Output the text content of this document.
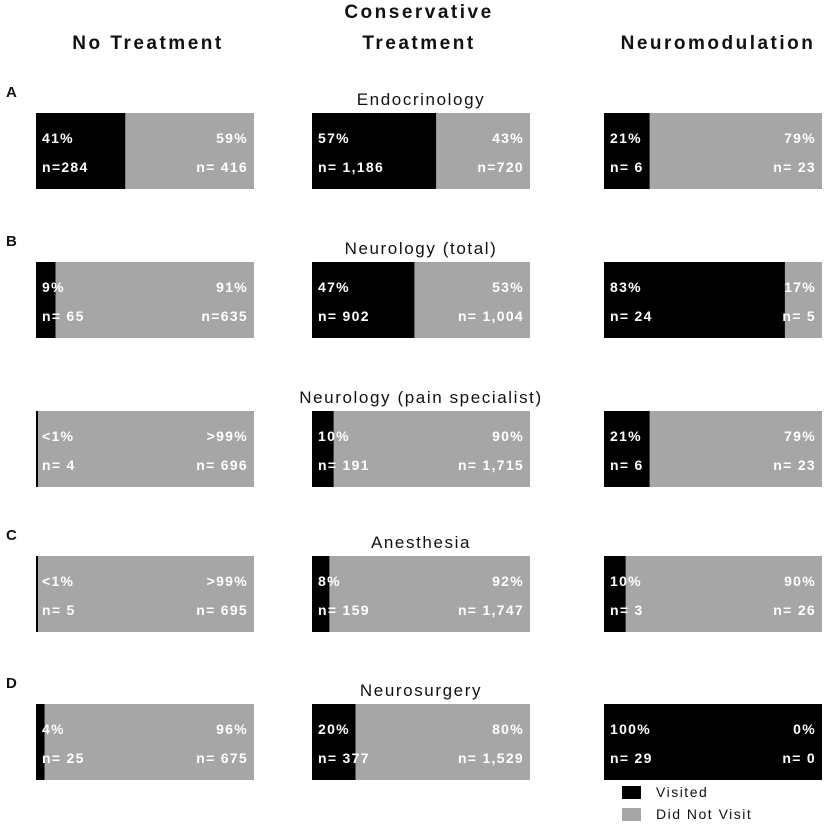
No Treatment
Conservative
Treatment	Neuromodulation
A	Endocrinology
41%
n=284
59%
n= 416
57%
n= 1,186
43%
n=720
21%
n= 6
79%
n= 23
B	Neurology (total)
9%
n= 65
91%
n=635
47%
n= 902
53%
n= 1,004
83%
n= 24
17%
n= 5
Neurology (pain specialist)
<1%
n= 4
>99%
n= 696
10%
n= 191
90%
n= 1,715
21%
n= 6
79%
n= 23
C	Anesthesia
<1%
n= 5
>99%
n= 695
8%
n= 159
92%
n= 1,747
10%
n= 3
90%
n= 26
D	Neurosurgery
4%
n= 25
96%
n= 675
20%
n= 377
80%
n= 1,529
100%
n= 29
0%
n= 0
Visited
Did Not Visit
